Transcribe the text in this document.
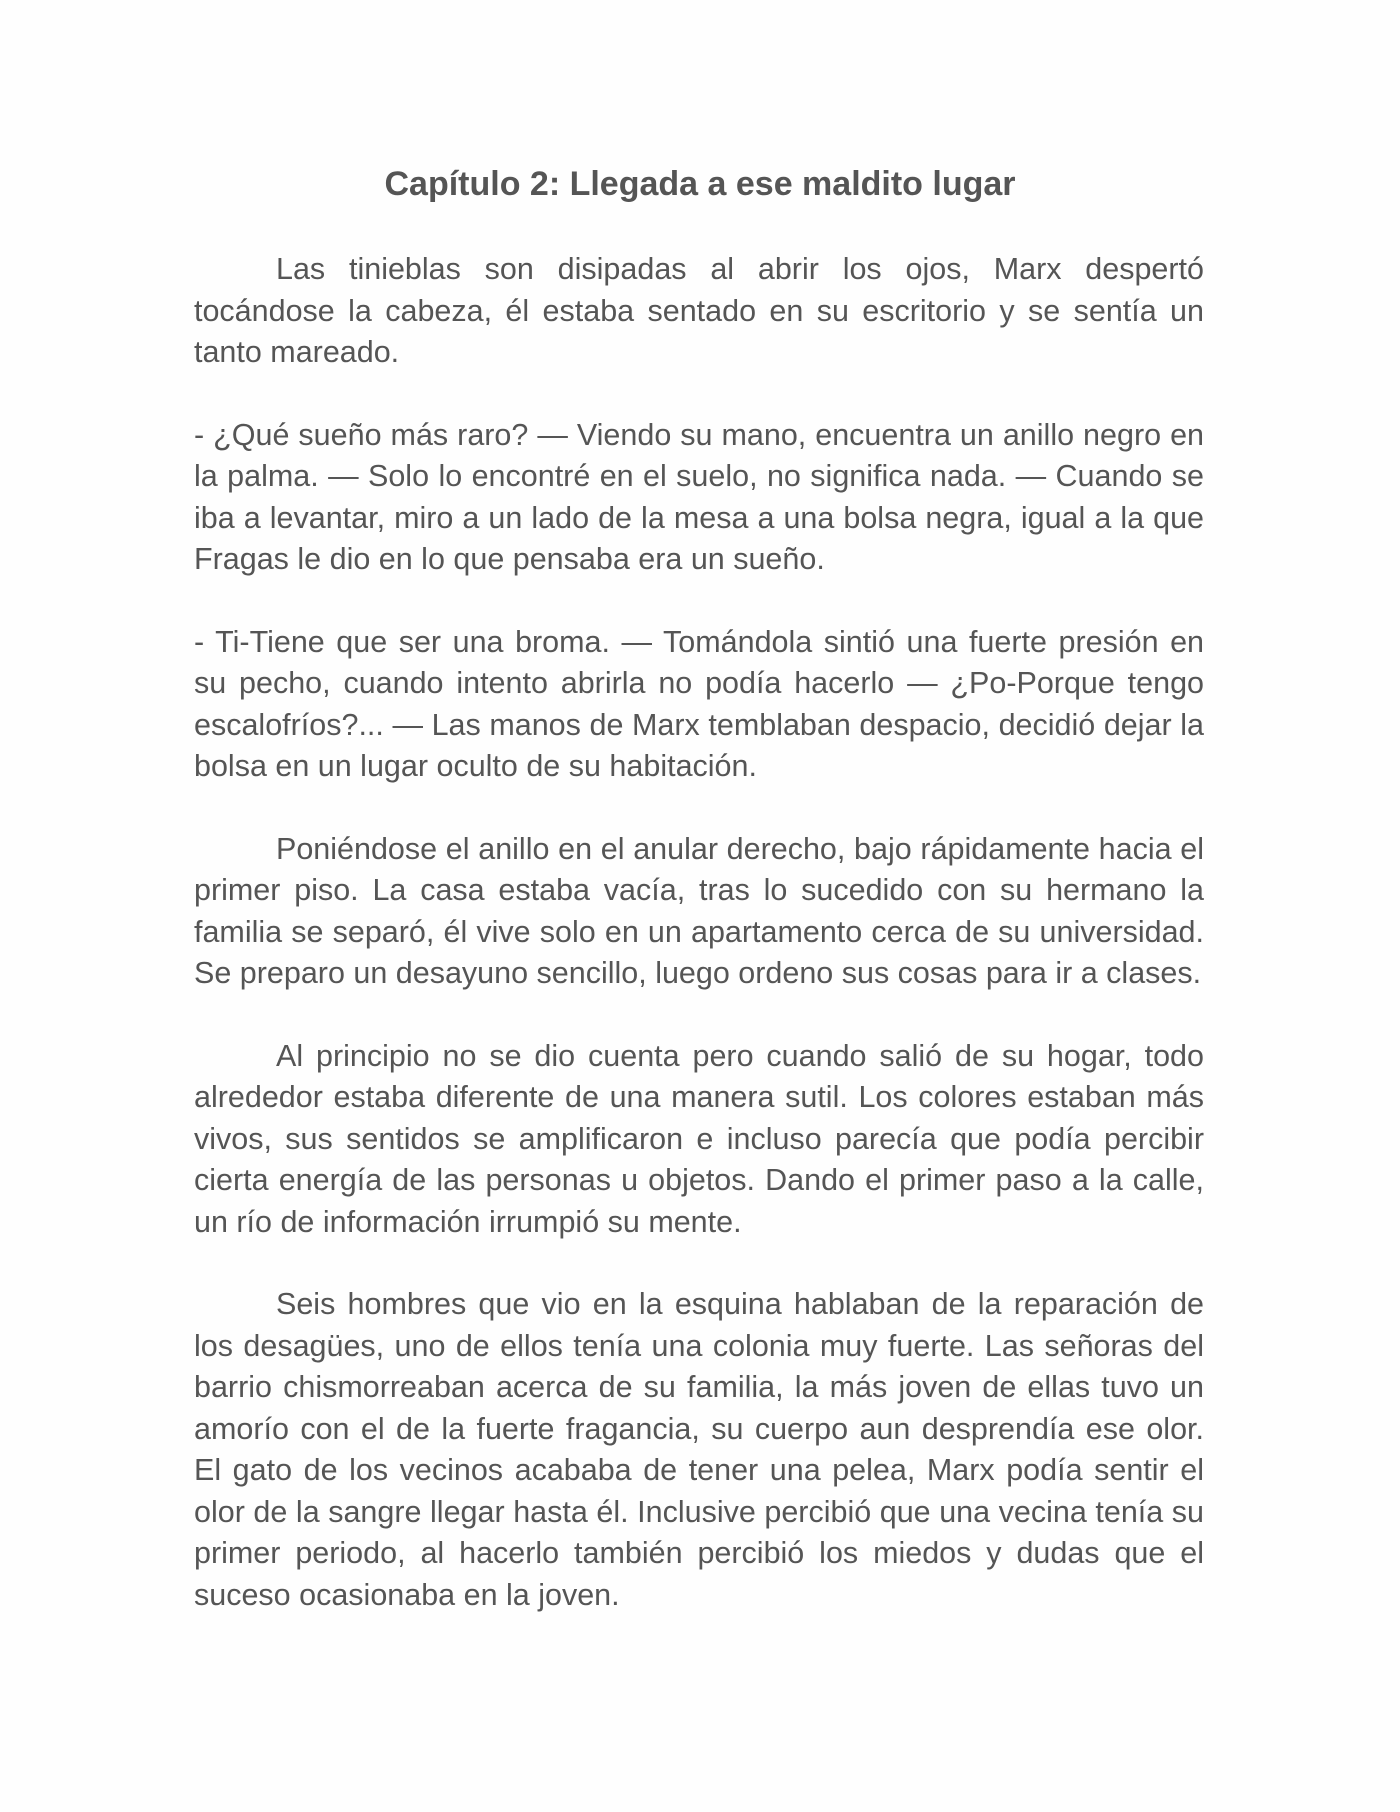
Capítulo 2: Llegada a ese maldito lugar

Las tinieblas son disipadas al abrir los ojos, Marx despertó tocándose la cabeza, él estaba sentado en su escritorio y se sentía un tanto mareado.

- ¿Qué sueño más raro? — Viendo su mano, encuentra un anillo negro en la palma. — Solo lo encontré en el suelo, no significa nada. — Cuando se iba a levantar, miro a un lado de la mesa a una bolsa negra, igual a la que Fragas le dio en lo que pensaba era un sueño.

- Ti-Tiene que ser una broma. — Tomándola sintió una fuerte presión en su pecho, cuando intento abrirla no podía hacerlo — ¿Po-Porque tengo escalofríos?... — Las manos de Marx temblaban despacio, decidió dejar la bolsa en un lugar oculto de su habitación.

Poniéndose el anillo en el anular derecho, bajo rápidamente hacia el primer piso. La casa estaba vacía, tras lo sucedido con su hermano la familia se separó, él vive solo en un apartamento cerca de su universidad. Se preparo un desayuno sencillo, luego ordeno sus cosas para ir a clases.

Al principio no se dio cuenta pero cuando salió de su hogar, todo alrededor estaba diferente de una manera sutil. Los colores estaban más vivos, sus sentidos se amplificaron e incluso parecía que podía percibir cierta energía de las personas u objetos. Dando el primer paso a la calle, un río de información irrumpió su mente.

Seis hombres que vio en la esquina hablaban de la reparación de los desagües, uno de ellos tenía una colonia muy fuerte. Las señoras del barrio chismorreaban acerca de su familia, la más joven de ellas tuvo un amorío con el de la fuerte fragancia, su cuerpo aun desprendía ese olor. El gato de los vecinos acababa de tener una pelea, Marx podía sentir el olor de la sangre llegar hasta él. Inclusive percibió que una vecina tenía su primer periodo, al hacerlo también percibió los miedos y dudas que el suceso ocasionaba en la joven.
